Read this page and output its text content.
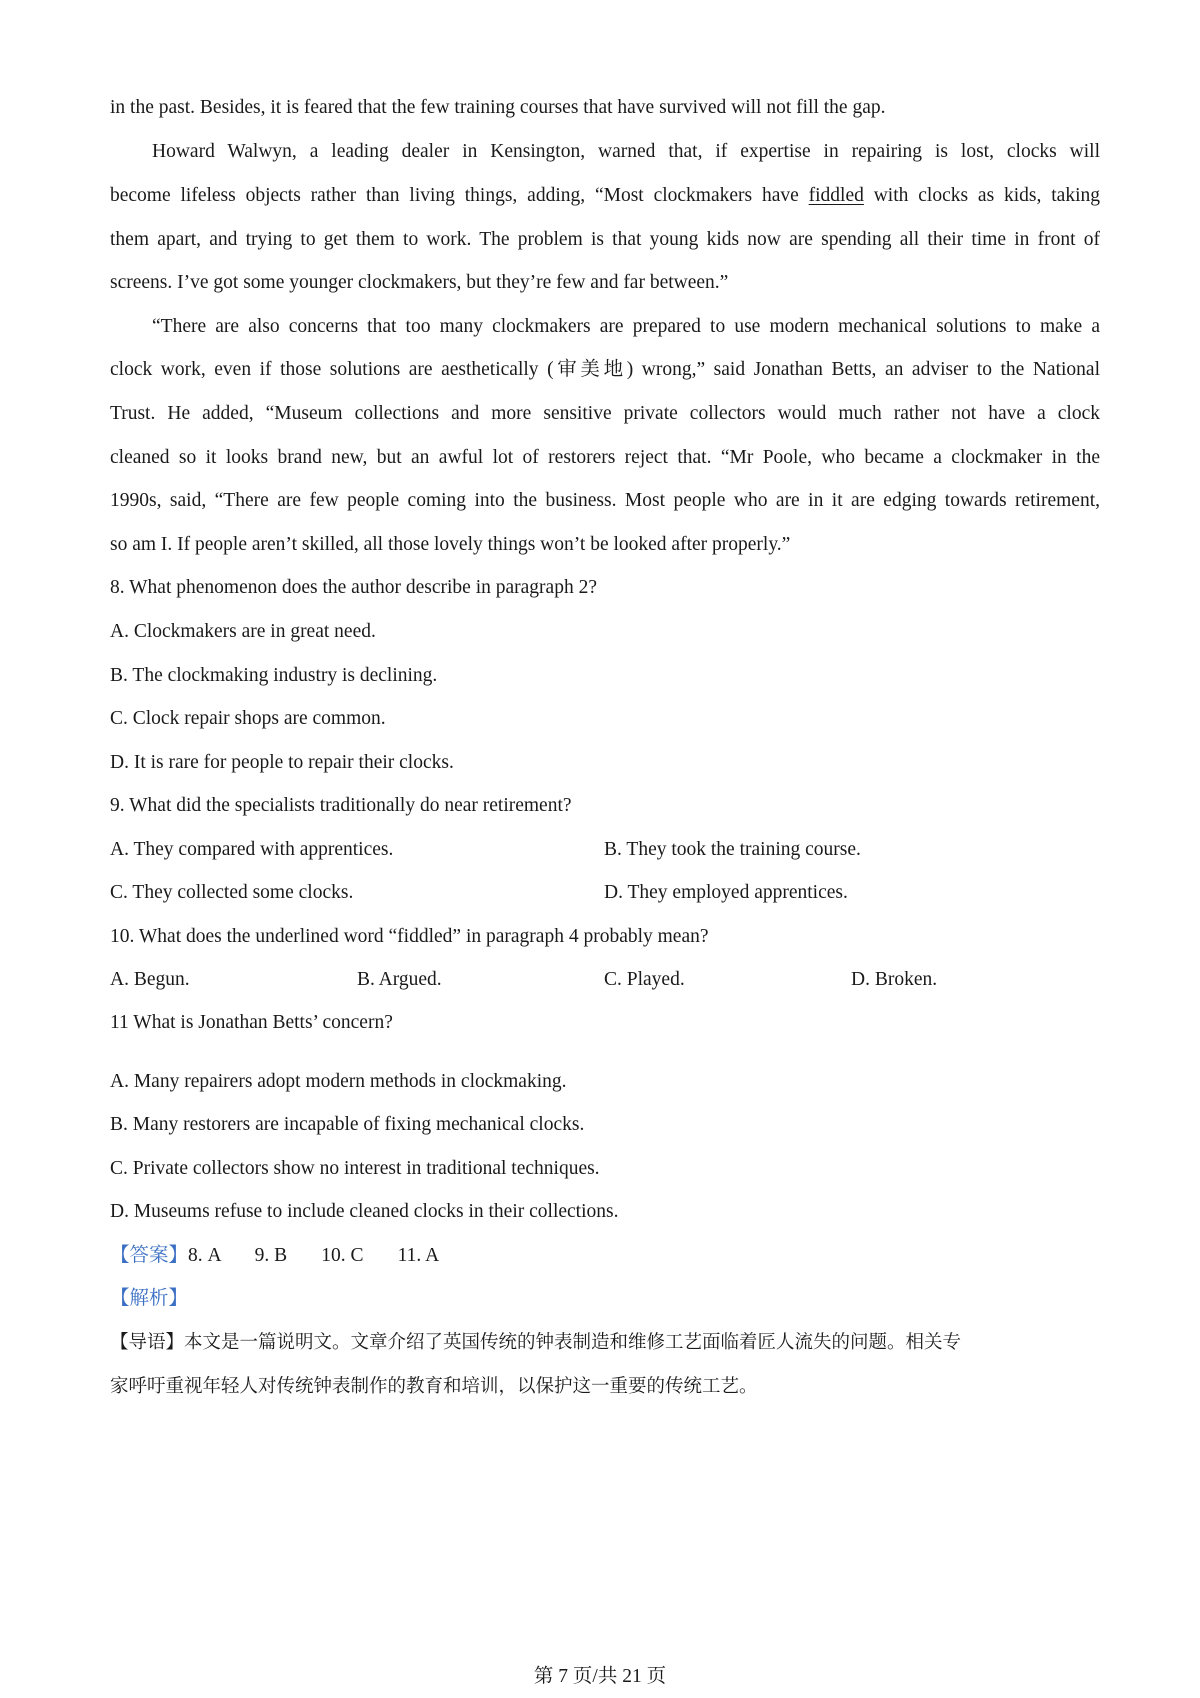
in the past. Besides, it is feared that the few training courses that have survived will not fill the gap.
Howard Walwyn, a leading dealer in Kensington, warned that, if expertise in repairing is lost, clocks will
become lifeless objects rather than living things, adding, “Most clockmakers have fiddled with clocks as kids, taking
them apart, and trying to get them to work. The problem is that young kids now are spending all their time in front of
screens. I’ve got some younger clockmakers, but they’re few and far between.”
“There are also concerns that too many clockmakers are prepared to use modern mechanical solutions to make a
clock work, even if those solutions are aesthetically (审美地) wrong,” said Jonathan Betts, an adviser to the National
Trust. He added, “Museum collections and more sensitive private collectors would much rather not have a clock
cleaned so it looks brand new, but an awful lot of restorers reject that. “Mr Poole, who became a clockmaker in the
1990s, said, “There are few people coming into the business. Most people who are in it are edging towards retirement,
so am I. If people aren’t skilled, all those lovely things won’t be looked after properly.”
8. What phenomenon does the author describe in paragraph 2?
A. Clockmakers are in great need.
B. The clockmaking industry is declining.
C. Clock repair shops are common.
D. It is rare for people to repair their clocks.
9. What did the specialists traditionally do near retirement?
A. They compared with apprentices.	B. They took the training course.
C. They collected some clocks.	D. They employed apprentices.
10. What does the underlined word “fiddled” in paragraph 4 probably mean?
A. Begun.	B. Argued.	C. Played.	D. Broken.
11 What is Jonathan Betts’ concern?
A. Many repairers adopt modern methods in clockmaking.
B. Many restorers are incapable of fixing mechanical clocks.
C. Private collectors show no interest in traditional techniques.
D. Museums refuse to include cleaned clocks in their collections.
【答案】8. A       9. B       10. C       11. A
【解析】
【导语】本文是一篇说明文。文章介绍了英国传统的钟表制造和维修工艺面临着匠人流失的问题。相关专
家呼吁重视年轻人对传统钟表制作的教育和培训，以保护这一重要的传统工艺。
第 7 页/共 21 页
